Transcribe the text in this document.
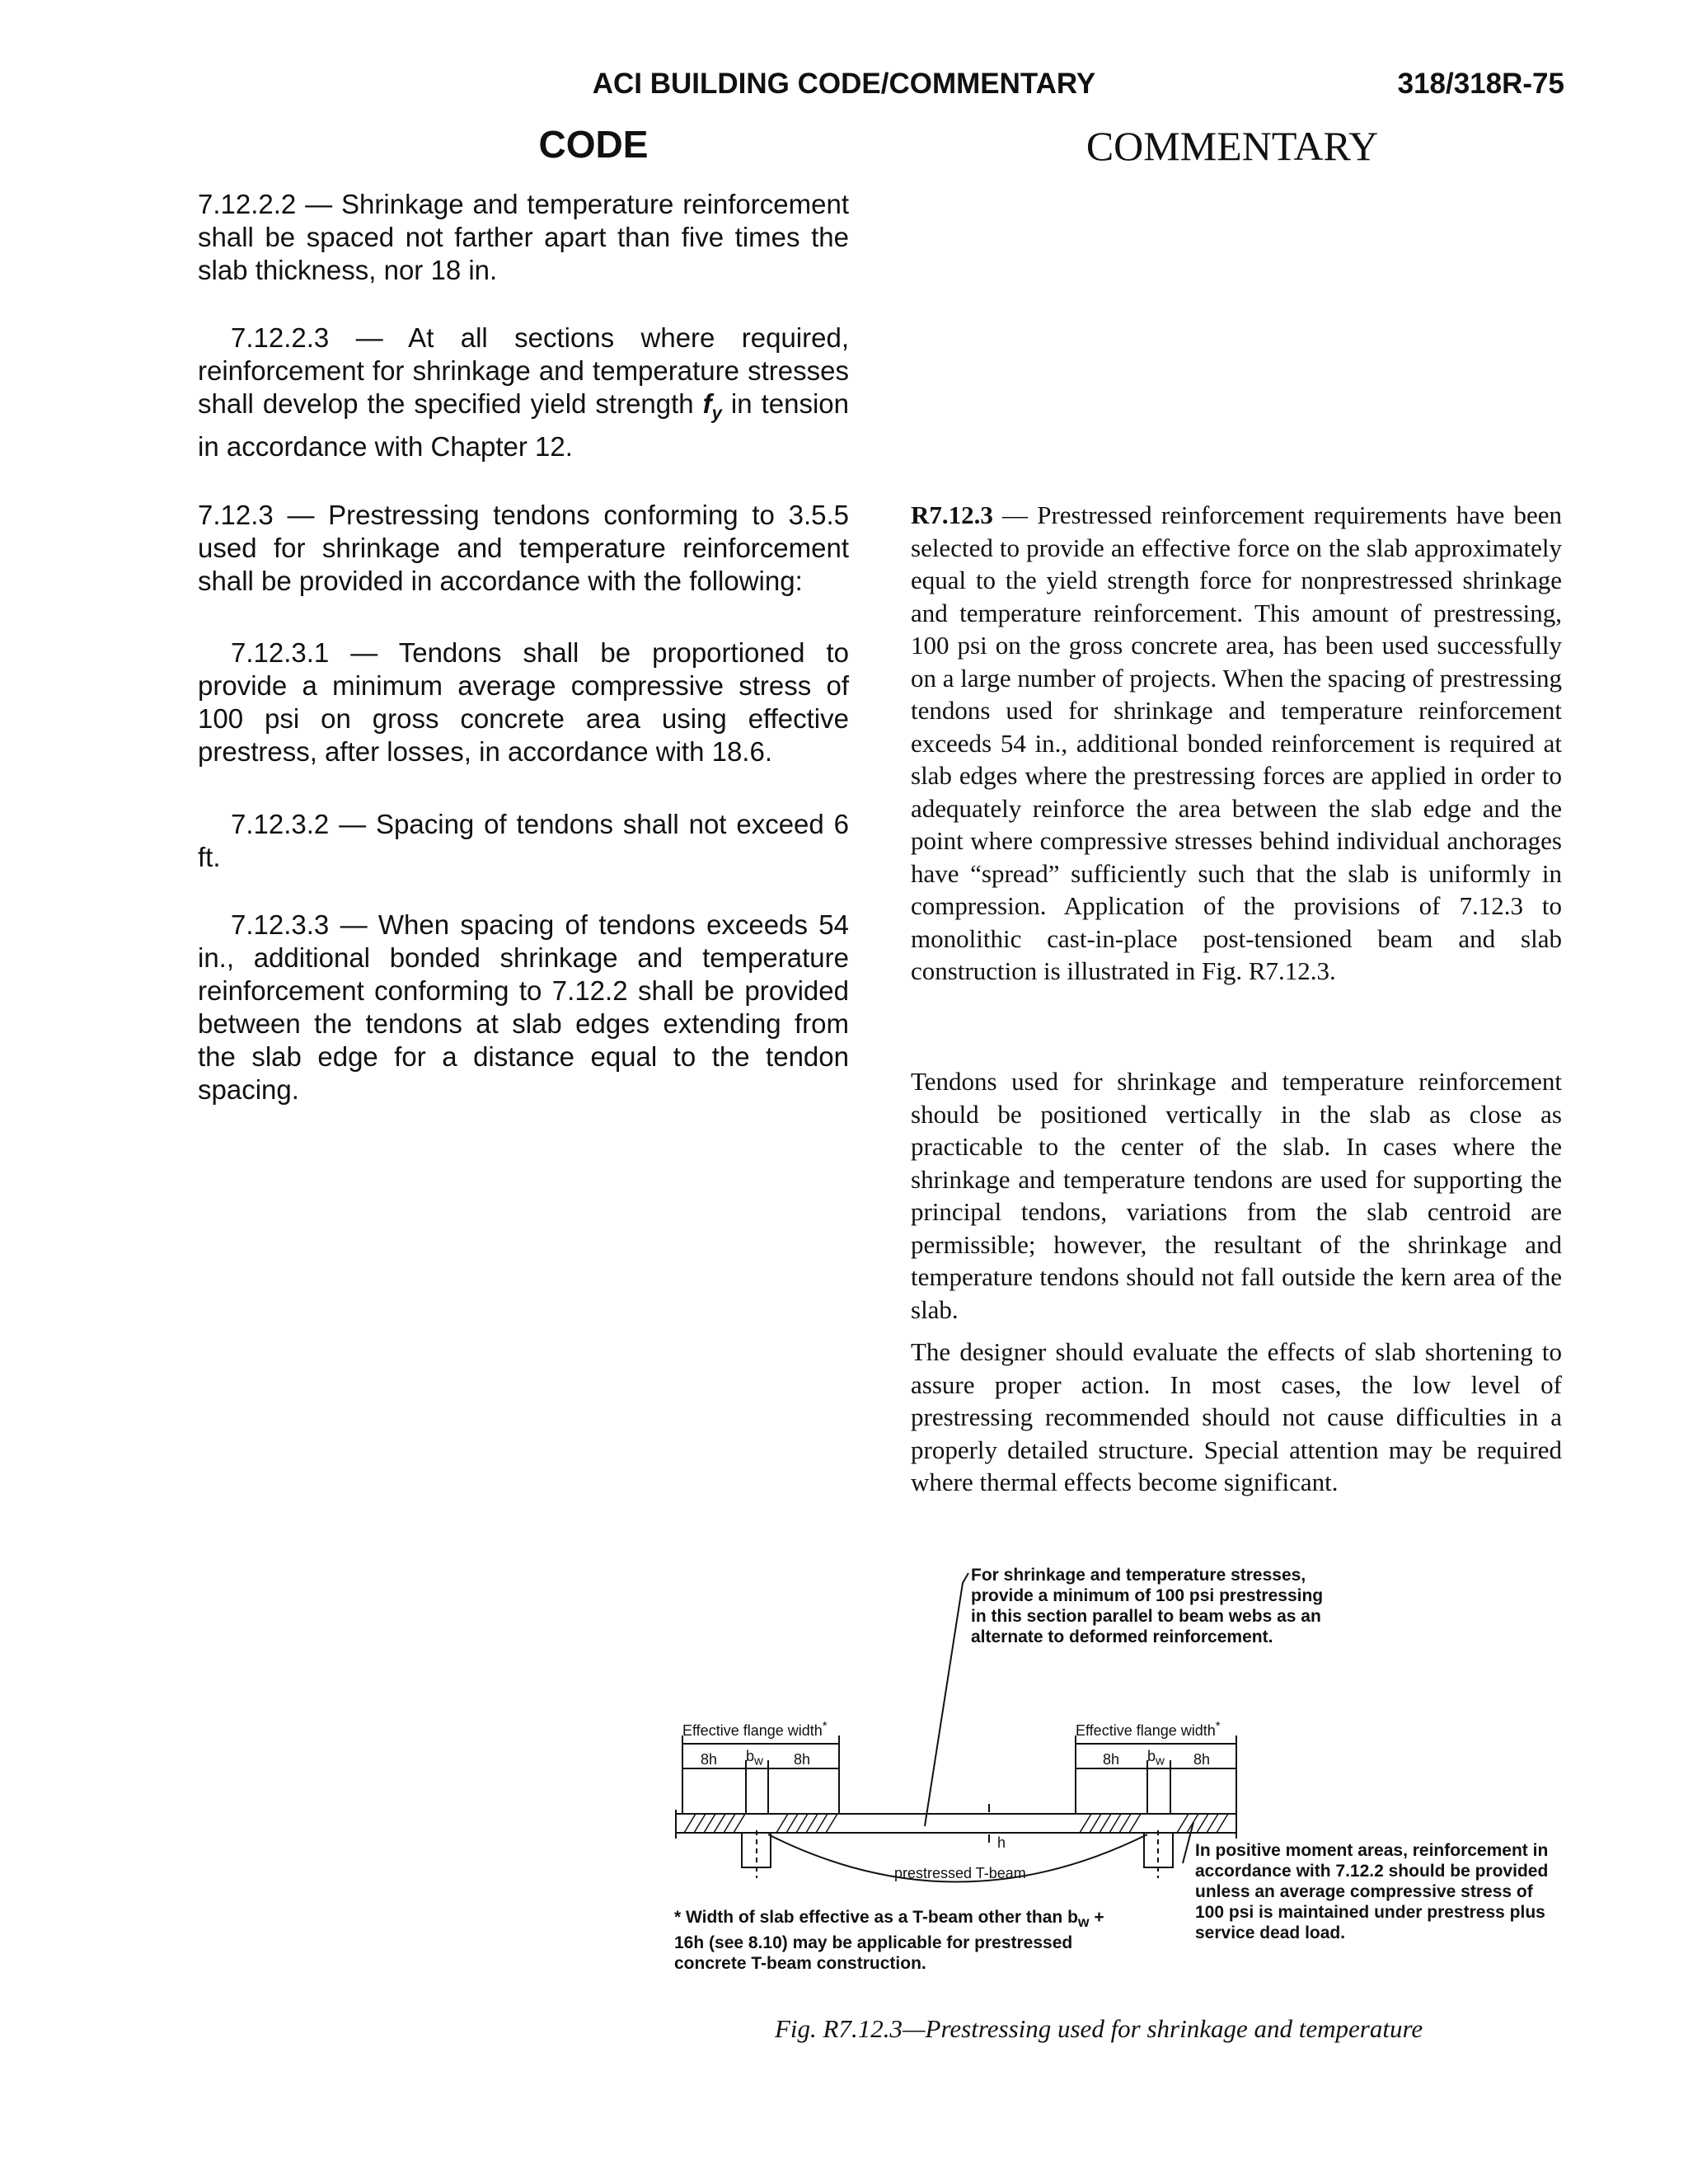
ACI BUILDING CODE/COMMENTARY	318/318R-75
CODE	COMMENTARY

7.12.2.2 — Shrinkage and temperature reinforcement shall be spaced not farther apart than five times the slab thickness, nor 18 in.

7.12.2.3 — At all sections where required, reinforcement for shrinkage and temperature stresses shall develop the specified yield strength $f_y$ in tension in accordance with Chapter 12.

7.12.3 — Prestressing tendons conforming to 3.5.5 used for shrinkage and temperature reinforcement shall be provided in accordance with the following:

7.12.3.1 — Tendons shall be proportioned to provide a minimum average compressive stress of 100 psi on gross concrete area using effective prestress, after losses, in accordance with 18.6.

7.12.3.2 — Spacing of tendons shall not exceed 6 ft.

7.12.3.3 — When spacing of tendons exceeds 54 in., additional bonded shrinkage and temperature reinforcement conforming to 7.12.2 shall be provided between the tendons at slab edges extending from the slab edge for a distance equal to the tendon spacing.

R7.12.3 — Prestressed reinforcement requirements have been selected to provide an effective force on the slab approximately equal to the yield strength force for nonprestressed shrinkage and temperature reinforcement. This amount of prestressing, 100 psi on the gross concrete area, has been used successfully on a large number of projects. When the spacing of prestressing tendons used for shrinkage and temperature reinforcement exceeds 54 in., additional bonded reinforcement is required at slab edges where the prestressing forces are applied in order to adequately reinforce the area between the slab edge and the point where compressive stresses behind individual anchorages have “spread” sufficiently such that the slab is uniformly in compression. Application of the provisions of 7.12.3 to monolithic cast-in-place post-tensioned beam and slab construction is illustrated in Fig. R7.12.3.

Tendons used for shrinkage and temperature reinforcement should be positioned vertically in the slab as close as practicable to the center of the slab. In cases where the shrinkage and temperature tendons are used for supporting the principal tendons, variations from the slab centroid are permissible; however, the resultant of the shrinkage and temperature tendons should not fall outside the kern area of the slab.

The designer should evaluate the effects of slab shortening to assure proper action. In most cases, the low level of prestressing recommended should not cause difficulties in a properly detailed structure. Special attention may be required where thermal effects become significant.

For shrinkage and temperature stresses, provide a minimum of 100 psi prestressing in this section parallel to beam webs as an alternate to deformed reinforcement.

Effective flange width*	Effective flange width*

8h $b_w$ 8h	8h $b_w$ 8h

h

prestressed T-beam

In positive moment areas, reinforcement in accordance with 7.12.2 should be provided unless an average compressive stress of 100 psi is maintained under prestress plus service dead load.

* Width of slab effective as a T-beam other than $b_w + 16h$ (see 8.10) may be applicable for prestressed concrete T-beam construction.

Fig. R7.12.3—Prestressing used for shrinkage and temperature
